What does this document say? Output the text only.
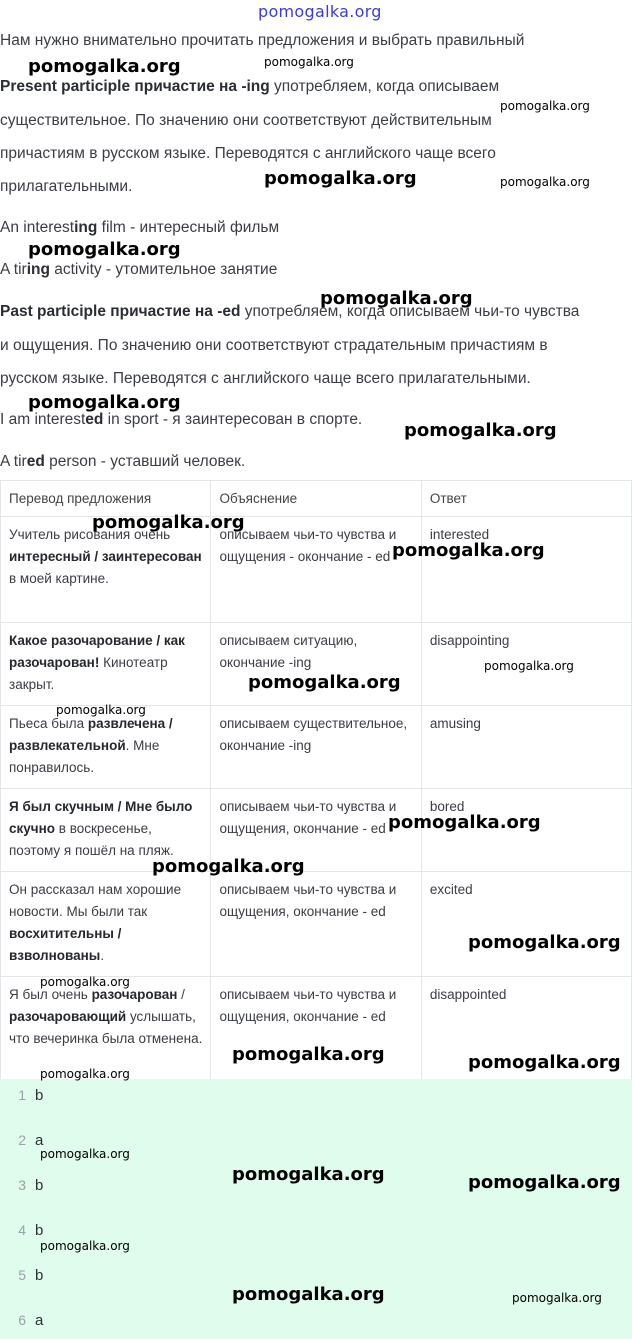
pomogalka.org

Нам нужно внимательно прочитать предложения и выбрать правильный

Present participle причастие на -ing употребляем, когда описываем

существительное. По значению они соответствуют действительным

причастиям в русском языке. Переводятся с английского чаще всего

прилагательными.

An interesting film - интересный фильм

A tiring activity - утомительное занятие

Past participle причастие на -ed употребляем, когда описываем чьи-то чувства

и ощущения. По значению они соответствуют страдательным причастиям в

русском языке. Переводятся с английского чаще всего прилагательными.

I am interested in sport - я заинтересован в спорте.

A tired person - уставший человек.

Перевод предложения	Объяснение	Ответ
Учитель рисования очень интересный / заинтересован в моей картине.	описываем чьи-то чувства и ощущения - окончание - ed	interested
Какое разочарование / как разочарован! Кинотеатр закрыт.	описываем ситуацию, окончание -ing	disappointing
Пьеса была развлечена / развлекательной. Мне понравилось.	описываем существительное, окончание -ing	amusing
Я был скучным / Мне было скучно в воскресенье, поэтому я пошёл на пляж.	описываем чьи-то чувства и ощущения, окончание - ed	bored
Он рассказал нам хорошие новости. Мы были так восхитительны / взволнованы.	описываем чьи-то чувства и ощущения, окончание - ed	excited
Я был очень разочарован / разочаровающий услышать, что вечеринка была отменена.	описываем чьи-то чувства и ощущения, окончание - ed	disappointed
1 b
2 a
3 b
4 b
5 b
6 a
pomogalka.org	pomogalka.org
pomogalka.org
pomogalka.org	pomogalka.org
pomogalka.org
pomogalka.org
pomogalka.org
pomogalka.org
pomogalka.org
pomogalka.org
pomogalka.org
pomogalka.org
pomogalka.org
pomogalka.org
pomogalka.org
pomogalka.org
pomogalka.org
pomogalka.org	pomogalka.org
pomogalka.org
pomogalka.org
pomogalka.org	pomogalka.org
pomogalka.org
pomogalka.org	pomogalka.org
